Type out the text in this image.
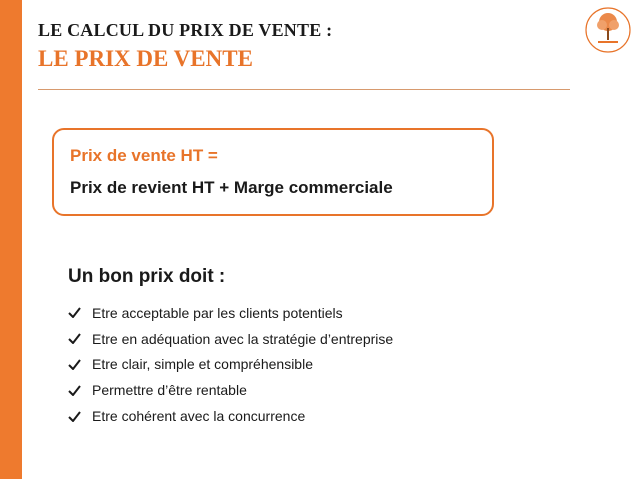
LE CALCUL DU PRIX DE VENTE :
LE PRIX DE VENTE
Prix de vente HT =
Prix de revient HT + Marge commerciale
Un bon prix doit :
Etre acceptable par les clients potentiels
Etre en adéquation avec la stratégie d’entreprise
Etre clair, simple et compréhensible
Permettre d’être rentable
Etre cohérent avec la concurrence
